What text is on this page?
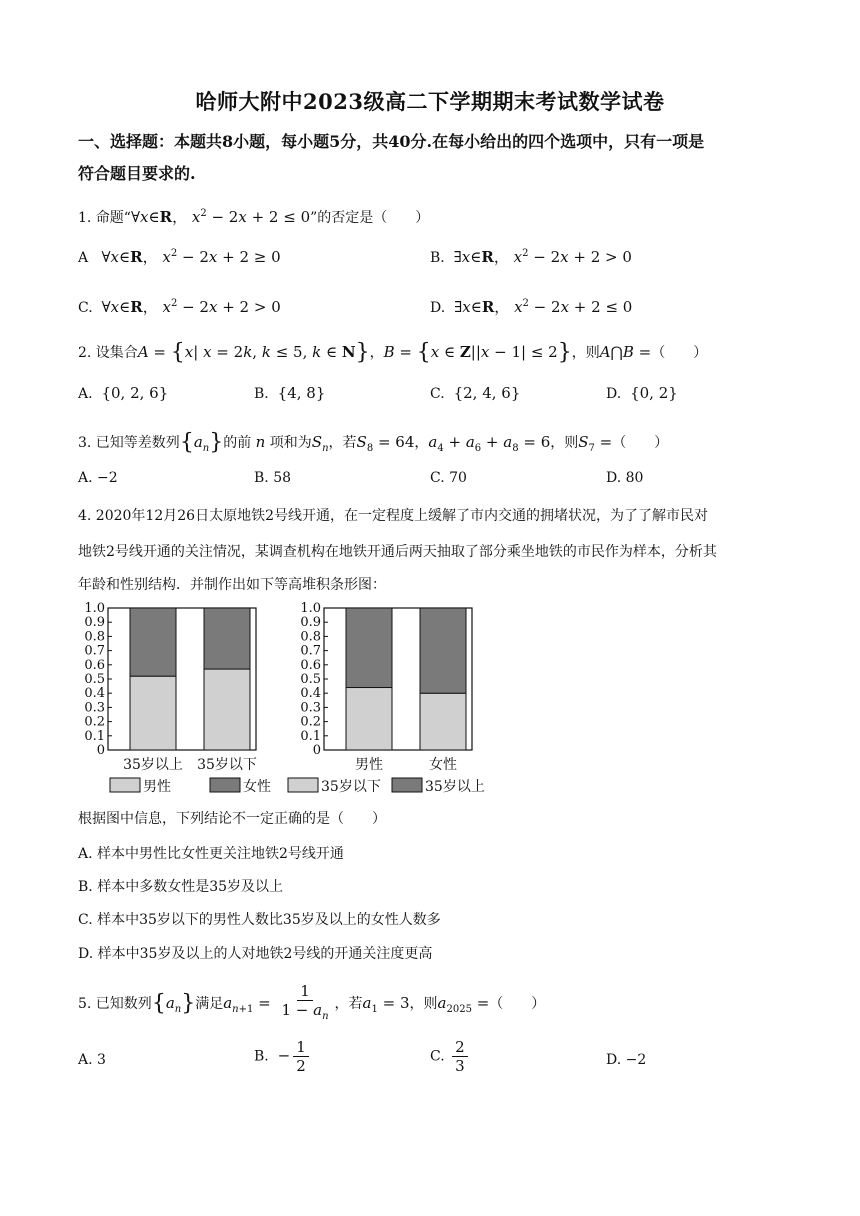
哈师大附中2023级高二下学期期末考试数学试卷
一、选择题：本题共8小题，每小题5分，共40分.在每小给出的四个选项中，只有一项是
符合题目要求的.
1. 命题“∀x∈R， $x^2 - 2x + 2 \le 0$”的否定是（　　）
A ∀x∈R， $x^2 - 2x + 2 \ge 0$	B. ∃x∈R， $x^2 - 2x + 2 > 0$
C. ∀x∈R， $x^2 - 2x + 2 > 0$	D. ∃x∈R， $x^2 - 2x + 2 \le 0$
2. 设集合A = {x| x = 2k, k ≤ 5, k ∈ N}，B = {x ∈ Z||x − 1| ≤ 2}，则A⋂B =（　　）
A. {0, 2, 6}	B. {4, 8}	C. {2, 4, 6}	D. {0, 2}
3. 已知等差数列$\{a_n\}$的前 n 项和为$S_n$，若$S_8 = 64$，$a_4 + a_6 + a_8 = 6$，则$S_7$ =（　　）
A. −2	B. 58	C. 70	D. 80
4. 2020年12月26日太原地铁2号线开通，在一定程度上缓解了市内交通的拥堵状况，为了了解市民对
地铁2号线开通的关注情况，某调查机构在地铁开通后两天抽取了部分乘坐地铁的市民作为样本，分析其
年龄和性别结构．并制作出如下等高堆积条形图：
1.0
0.9
0.8
0.7
0.6
0.5
0.4
0.3
0.2
0.1
0
35岁以上 35岁以下
男性	女性
1.0
0.9
0.8
0.7
0.6
0.5
0.4
0.3
0.2
0.1
0
男性	女性
35岁以下	35岁以上
根据图中信息，下列结论不一定正确的是（　　）
A. 样本中男性比女性更关注地铁2号线开通
B. 样本中多数女性是35岁及以上
C. 样本中35岁以下的男性人数比35岁及以上的女性人数多
D. 样本中35岁及以上的人对地铁2号线的开通关注度更高
5. 已知数列$\{a_n\}$满足$a_{n+1} = \frac{1}{1 - a_n}$ ，若$a_1 = 3$，则$a_{2025}$ =（　　）
A. 3	B. − $\frac{1}{2}$	C. $\frac{2}{3}$	D. −2
